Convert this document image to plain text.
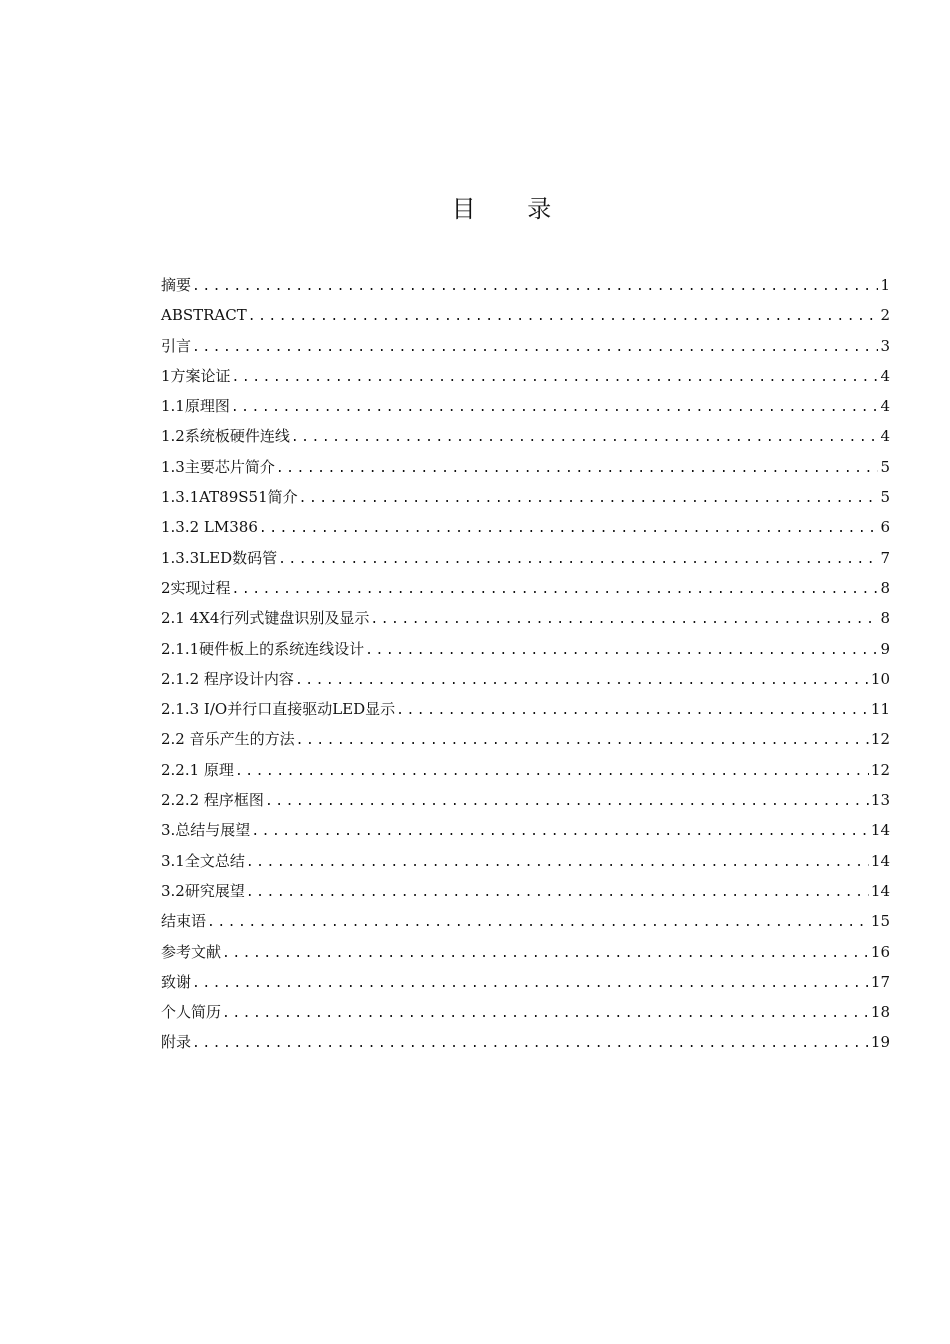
目 录
摘要 .....	1
ABSTRACT .....	2
引言 .....	3
1方案论证 .....	4
1.1原理图 .....	4
1.2系统板硬件连线 .....	4
1.3主要芯片简介 .....	5
1.3.1AT89S51简介 .....	5
1.3.2 LM386 .....	6
1.3.3LED数码管 .....	7
2实现过程 .....	8
2.1 4X4行列式键盘识别及显示 .....	8
2.1.1硬件板上的系统连线设计 .....	9
2.1.2 程序设计内容 .....	10
2.1.3 I/O并行口直接驱动LED显示 .....	11
2.2 音乐产生的方法 .....	12
2.2.1 原理 .....	12
2.2.2 程序框图 .....	13
3.总结与展望 .....	14
3.1全文总结 .....	14
3.2研究展望 .....	14
结束语 .....	15
参考文献 .....	16
致谢 .....	17
个人简历 .....	18
附录 .....	19
